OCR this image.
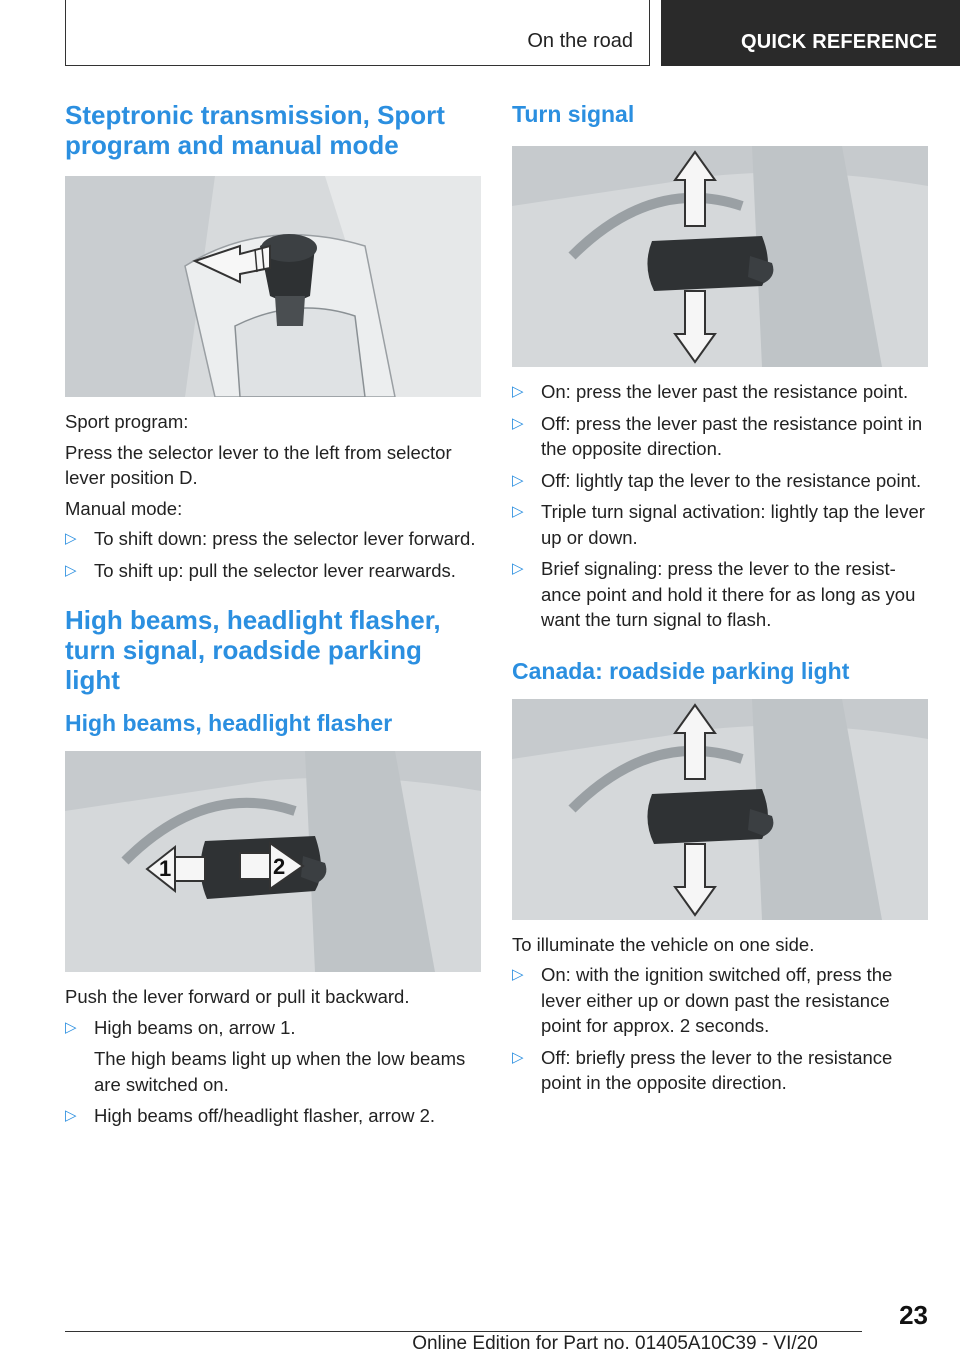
On the road	QUICK REFERENCE
Steptronic transmission, Sport program and manual mode

Sport program:

Press the selector lever to the left from selector lever position D.

Manual mode:

▷ To shift down: press the selector lever forward.
▷ To shift up: pull the selector lever rearwards.
High beams, headlight flasher, turn signal, roadside parking light
High beams, headlight flasher
1	2

Push the lever forward or pull it backward.

▷ High beams on, arrow 1.
The high beams light up when the low beams are switched on.
▷ High beams off/headlight flasher, arrow 2.
Turn signal
▷ On: press the lever past the resistance point.
▷ Off: press the lever past the resistance point in the opposite direction.
▷ Off: lightly tap the lever to the resistance point.
▷ Triple turn signal activation: lightly tap the lever up or down.
▷ Brief signaling: press the lever to the resistance point and hold it there for as long as you want the turn signal to flash.
Canada: roadside parking light

To illuminate the vehicle on one side.

▷ On: with the ignition switched off, press the lever either up or down past the resistance point for approx. 2 seconds.
▷ Off: briefly press the lever to the resistance point in the opposite direction.
23
Online Edition for Part no. 01405A10C39 - VI/20
